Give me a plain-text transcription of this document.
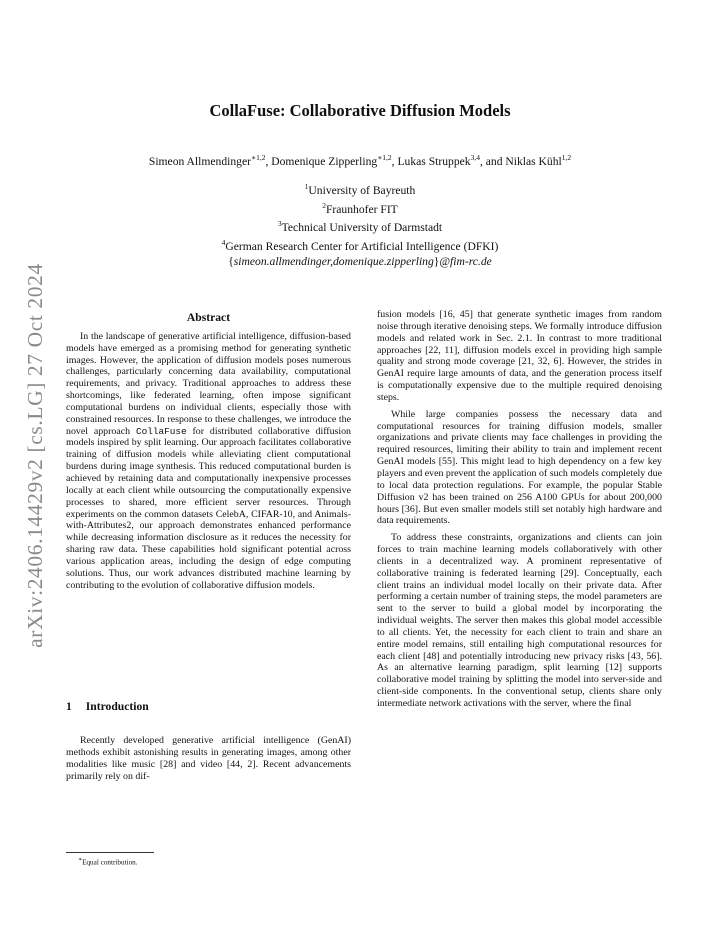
arXiv:2406.14429v2 [cs.LG] 27 Oct 2024
CollaFuse: Collaborative Diffusion Models
Simeon Allmendinger$^{∗1,2}$, Domenique Zipperling$^{∗1,2}$, Lukas Struppek$^{3,4}$, and Niklas Kühl$^{1,2}$
$^1$University of Bayreuth
$^2$Fraunhofer FIT
$^3$Technical University of Darmstadt
$^4$German Research Center for Artificial Intelligence (DFKI)
{simeon.allmendinger,domenique.zipperling}@fim-rc.de
Abstract

In the landscape of generative artificial intelligence, diffusion-based models have emerged as a promising method for generating synthetic images. However, the application of diffusion models poses numerous challenges, particularly concerning data availability, computational requirements, and privacy. Traditional approaches to address these shortcomings, like federated learning, often impose significant computational burdens on individual clients, especially those with constrained resources. In response to these challenges, we introduce the novel approach CollaFuse for distributed collaborative diffusion models inspired by split learning. Our approach facilitates collaborative training of diffusion models while alleviating client computational burdens during image synthesis. This reduced computational burden is achieved by retaining data and computationally inexpensive processes locally at each client while outsourcing the computationally expensive processes to shared, more efficient server resources. Through experiments on the common datasets CelebA, CIFAR-10, and Animals-with-Attributes2, our approach demonstrates enhanced performance while decreasing information disclosure as it reduces the necessity for sharing raw data. These capabilities hold significant potential across various application areas, including the design of edge computing solutions. Thus, our work advances distributed machine learning by contributing to the evolution of collaborative diffusion models.

1 Introduction

Recently developed generative artificial intelligence (GenAI) methods exhibit astonishing results in generating images, among other modalities like music [28] and video [44, 2]. Recent advancements primarily rely on dif-

fusion models [16, 45] that generate synthetic images from random noise through iterative denoising steps. We formally introduce diffusion models and related work in Sec. 2.1. In contrast to more traditional approaches [22, 11], diffusion models excel in providing high sample quality and strong mode coverage [21, 32, 6]. However, the strides in GenAI require large amounts of data, and the generation process itself is computationally expensive due to the multiple required denoising steps.

While large companies possess the necessary data and computational resources for training diffusion models, smaller organizations and private clients may face challenges in providing the required resources, limiting their ability to train and implement recent GenAI models [55]. This might lead to high dependency on a few key players and even prevent the application of such models completely due to local data protection regulations. For example, the popular Stable Diffusion v2 has been trained on 256 A100 GPUs for about 200,000 hours [36]. But even smaller models still set notably high hardware and data requirements.

To address these constraints, organizations and clients can join forces to train machine learning models collaboratively with other clients in a decentralized way. A prominent representative of collaborative training is federated learning [29]. Conceptually, each client trains an individual model locally on their private data. After performing a certain number of training steps, the model parameters are sent to the server to build a global model by incorporating the individual weights. The server then makes this global model accessible to all clients. Yet, the necessity for each client to train and share an entire model remains, still entailing high computational resources for each client [48] and potentially introducing new privacy risks [43, 56]. As an alternative learning paradigm, split learning [12] supports collaborative model training by splitting the model into server-side and client-side components. In the conventional setup, clients share only intermediate network activations with the server, where the final

∗Equal contribution.
